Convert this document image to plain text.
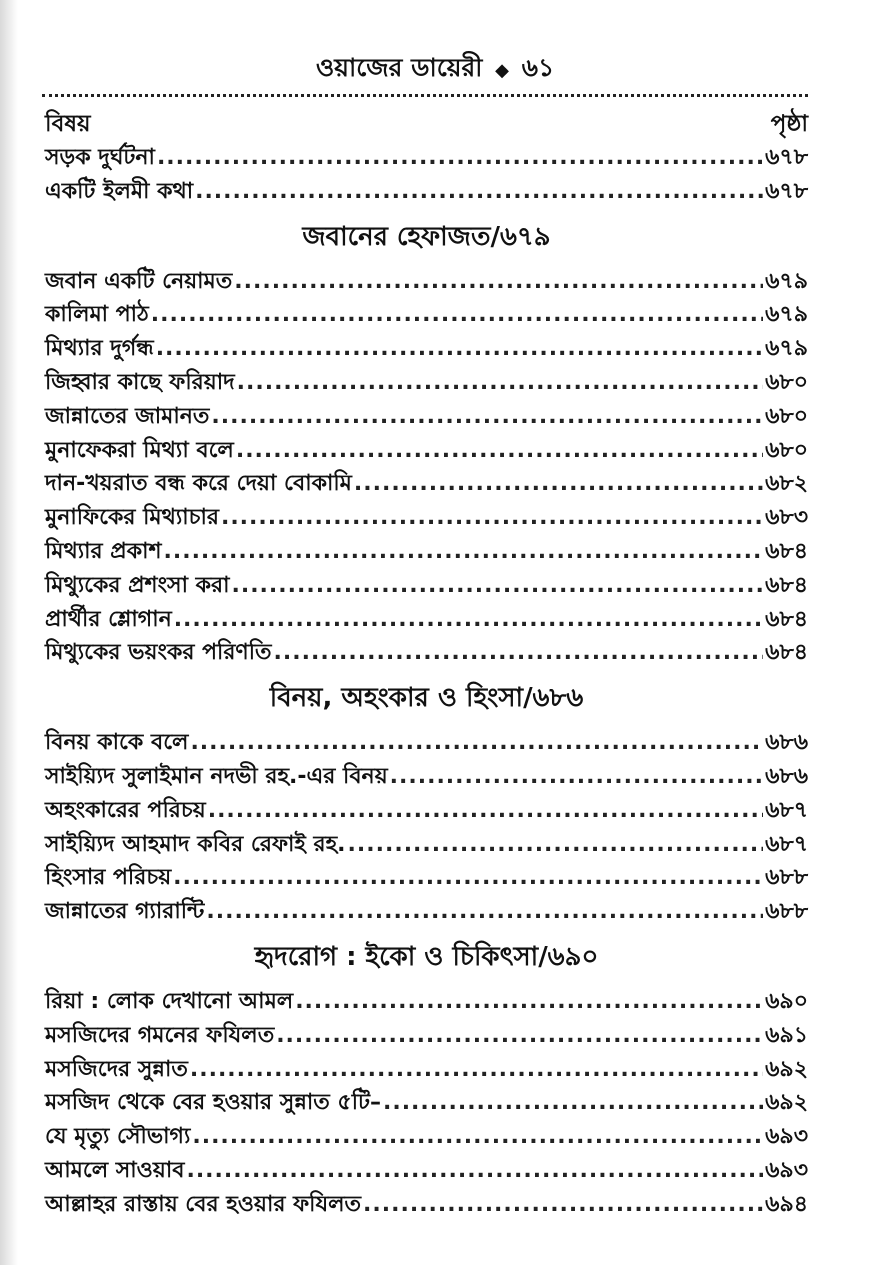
ওয়াজের ডায়েরী ◆ ৬১
বিষয়	পৃষ্ঠা
সড়ক দুর্ঘটনা .....	৬৭৮
একটি ইলমী কথা .....	৬৭৮
জবানের হেফাজত/৬৭৯
জবান একটি নেয়ামত .....	৬৭৯
কালিমা পাঠ .....	৬৭৯
মিথ্যার দুর্গন্ধ .....	৬৭৯
জিহ্বার কাছে ফরিয়াদ .....	৬৮০
জান্নাতের জামানত .....	৬৮০
মুনাফেকরা মিথ্যা বলে .....	৬৮০
দান-খয়রাত বন্ধ করে দেয়া বোকামি .....	৬৮২
মুনাফিকের মিথ্যাচার .....	৬৮৩
মিথ্যার প্রকাশ .....	৬৮৪
মিথ্যুকের প্রশংসা করা .....	৬৮৪
প্রার্থীর শ্লোগান .....	৬৮৪
মিথ্যুকের ভয়ংকর পরিণতি .....	৬৮৪
বিনয়, অহংকার ও হিংসা/৬৮৬
বিনয় কাকে বলে .....	৬৮৬
সাইয়্যিদ সুলাইমান নদভী রহ.-এর বিনয় .....	৬৮৬
অহংকারের পরিচয় .....	৬৮৭
সাইয়্যিদ আহমাদ কবির রেফাই রহ. .....	৬৮৭
হিংসার পরিচয় .....	৬৮৮
জান্নাতের গ্যারান্টি .....	৬৮৮
হৃদরোগ : ইকো ও চিকিৎসা/৬৯০
রিয়া : লোক দেখানো আমল .....	৬৯০
মসজিদের গমনের ফযিলত .....	৬৯১
মসজিদের সুন্নাত .....	৬৯২
মসজিদ থেকে বের হওয়ার সুন্নাত ৫টি– .....	৬৯২
যে মৃত্যু সৌভাগ্য .....	৬৯৩
আমলে সাওয়াব .....	৬৯৩
আল্লাহর রাস্তায় বের হওয়ার ফযিলত .....	৬৯৪
